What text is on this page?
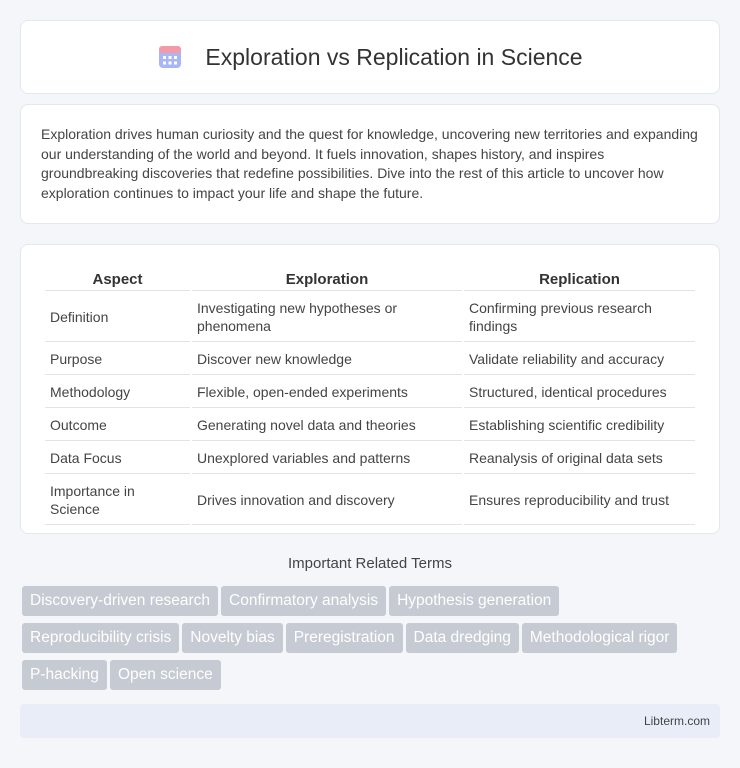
Exploration vs Replication in Science

Exploration drives human curiosity and the quest for knowledge, uncovering new territories and expanding our understanding of the world and beyond. It fuels innovation, shapes history, and inspires groundbreaking discoveries that redefine possibilities. Dive into the rest of this article to uncover how exploration continues to impact your life and shape the future.

Aspect	Exploration	Replication
Definition	Investigating new hypotheses or phenomena	Confirming previous research findings
Purpose	Discover new knowledge	Validate reliability and accuracy
Methodology	Flexible, open-ended experiments	Structured, identical procedures
Outcome	Generating novel data and theories	Establishing scientific credibility
Data Focus	Unexplored variables and patterns	Reanalysis of original data sets
Importance in Science	Drives innovation and discovery	Ensures reproducibility and trust
Important Related Terms
Discovery-driven research Confirmatory analysis Hypothesis generation
Reproducibility crisis Novelty bias Preregistration Data dredging Methodological rigor
P-hacking Open science
Libterm.com
